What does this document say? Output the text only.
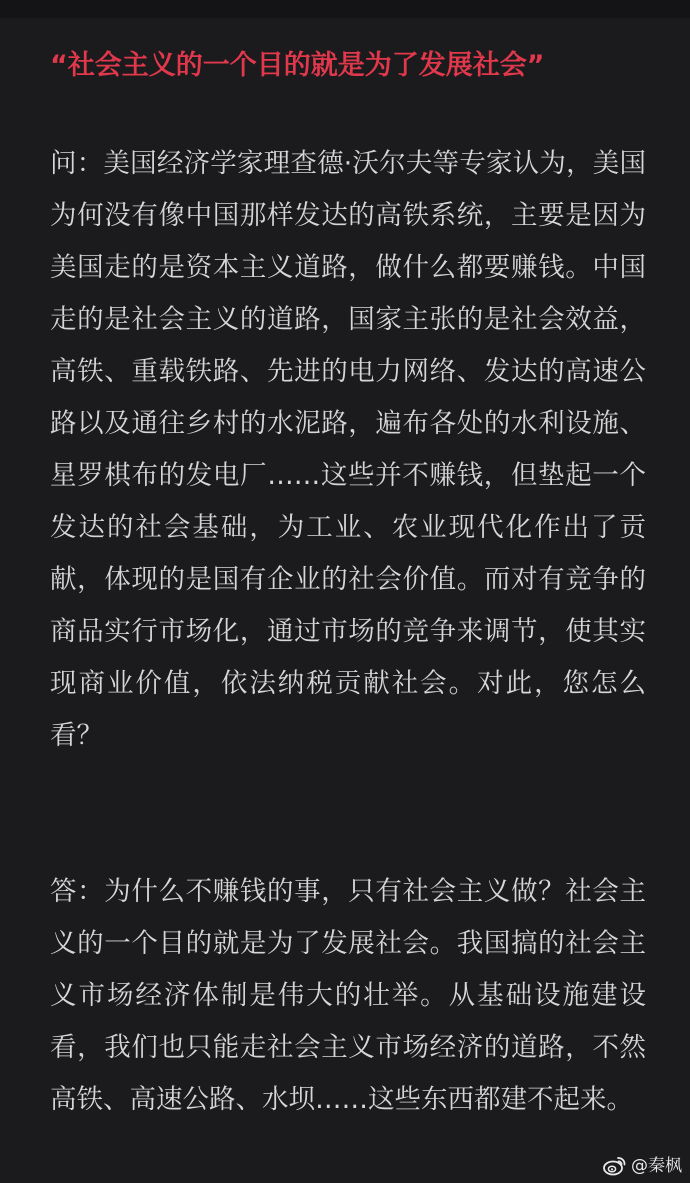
“社会主义的一个目的就是为了发展社会”

问：美国经济学家理查德·沃尔夫等专家认为，美国为何没有像中国那样发达的高铁系统，主要是因为美国走的是资本主义道路，做什么都要赚钱。中国走的是社会主义的道路，国家主张的是社会效益，高铁、重载铁路、先进的电力网络、发达的高速公路以及通往乡村的水泥路，遍布各处的水利设施、星罗棋布的发电厂……这些并不赚钱，但垫起一个发达的社会基础，为工业、农业现代化作出了贡献，体现的是国有企业的社会价值。而对有竞争的商品实行市场化，通过市场的竞争来调节，使其实现商业价值，依法纳税贡献社会。对此，您怎么看？

答：为什么不赚钱的事，只有社会主义做？社会主义的一个目的就是为了发展社会。我国搞的社会主义市场经济体制是伟大的壮举。从基础设施建设看，我们也只能走社会主义市场经济的道路，不然高铁、高速公路、水坝……这些东西都建不起来。

@秦枫
